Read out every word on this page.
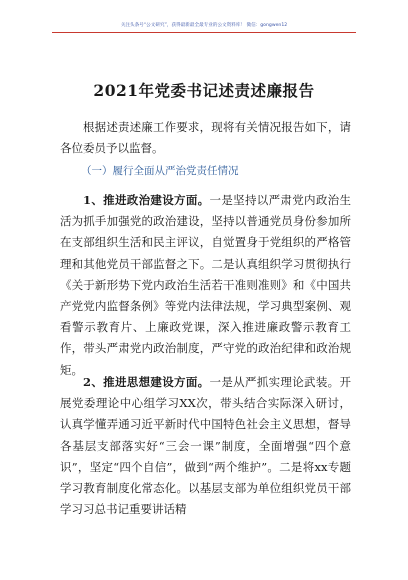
关注头条号“公文研究”，获得最新最全最专业的公文资料库！ 微信：gongwen12
2021年党委书记述责述廉报告
根据述责述廉工作要求，现将有关情况报告如下，请各位委员予以监督。
（一）履行全面从严治党责任情况
1、推进政治建设方面。一是坚持以严肃党内政治生活为抓手加强党的政治建设，坚持以普通党员身份参加所在支部组织生活和民主评议，自觉置身于党组织的严格管理和其他党员干部监督之下。二是认真组织学习贯彻执行《关于新形势下党内政治生活若干准则准则》和《中国共产党党内监督条例》等党内法律法规，学习典型案例、观看警示教育片、上廉政党课，深入推进廉政警示教育工作，带头严肃党内政治制度，严守党的政治纪律和政治规矩。
2、推进思想建设方面。一是从严抓实理论武装。开展党委理论中心组学习XX次，带头结合实际深入研讨，认真学懂弄通习近平新时代中国特色社会主义思想，督导各基层支部落实好“三会一课”制度，全面增强“四个意识”，坚定“四个自信”，做到“两个维护”。二是将xx专题学习教育制度化常态化。以基层支部为单位组织党员干部学习习总书记重要讲话精
